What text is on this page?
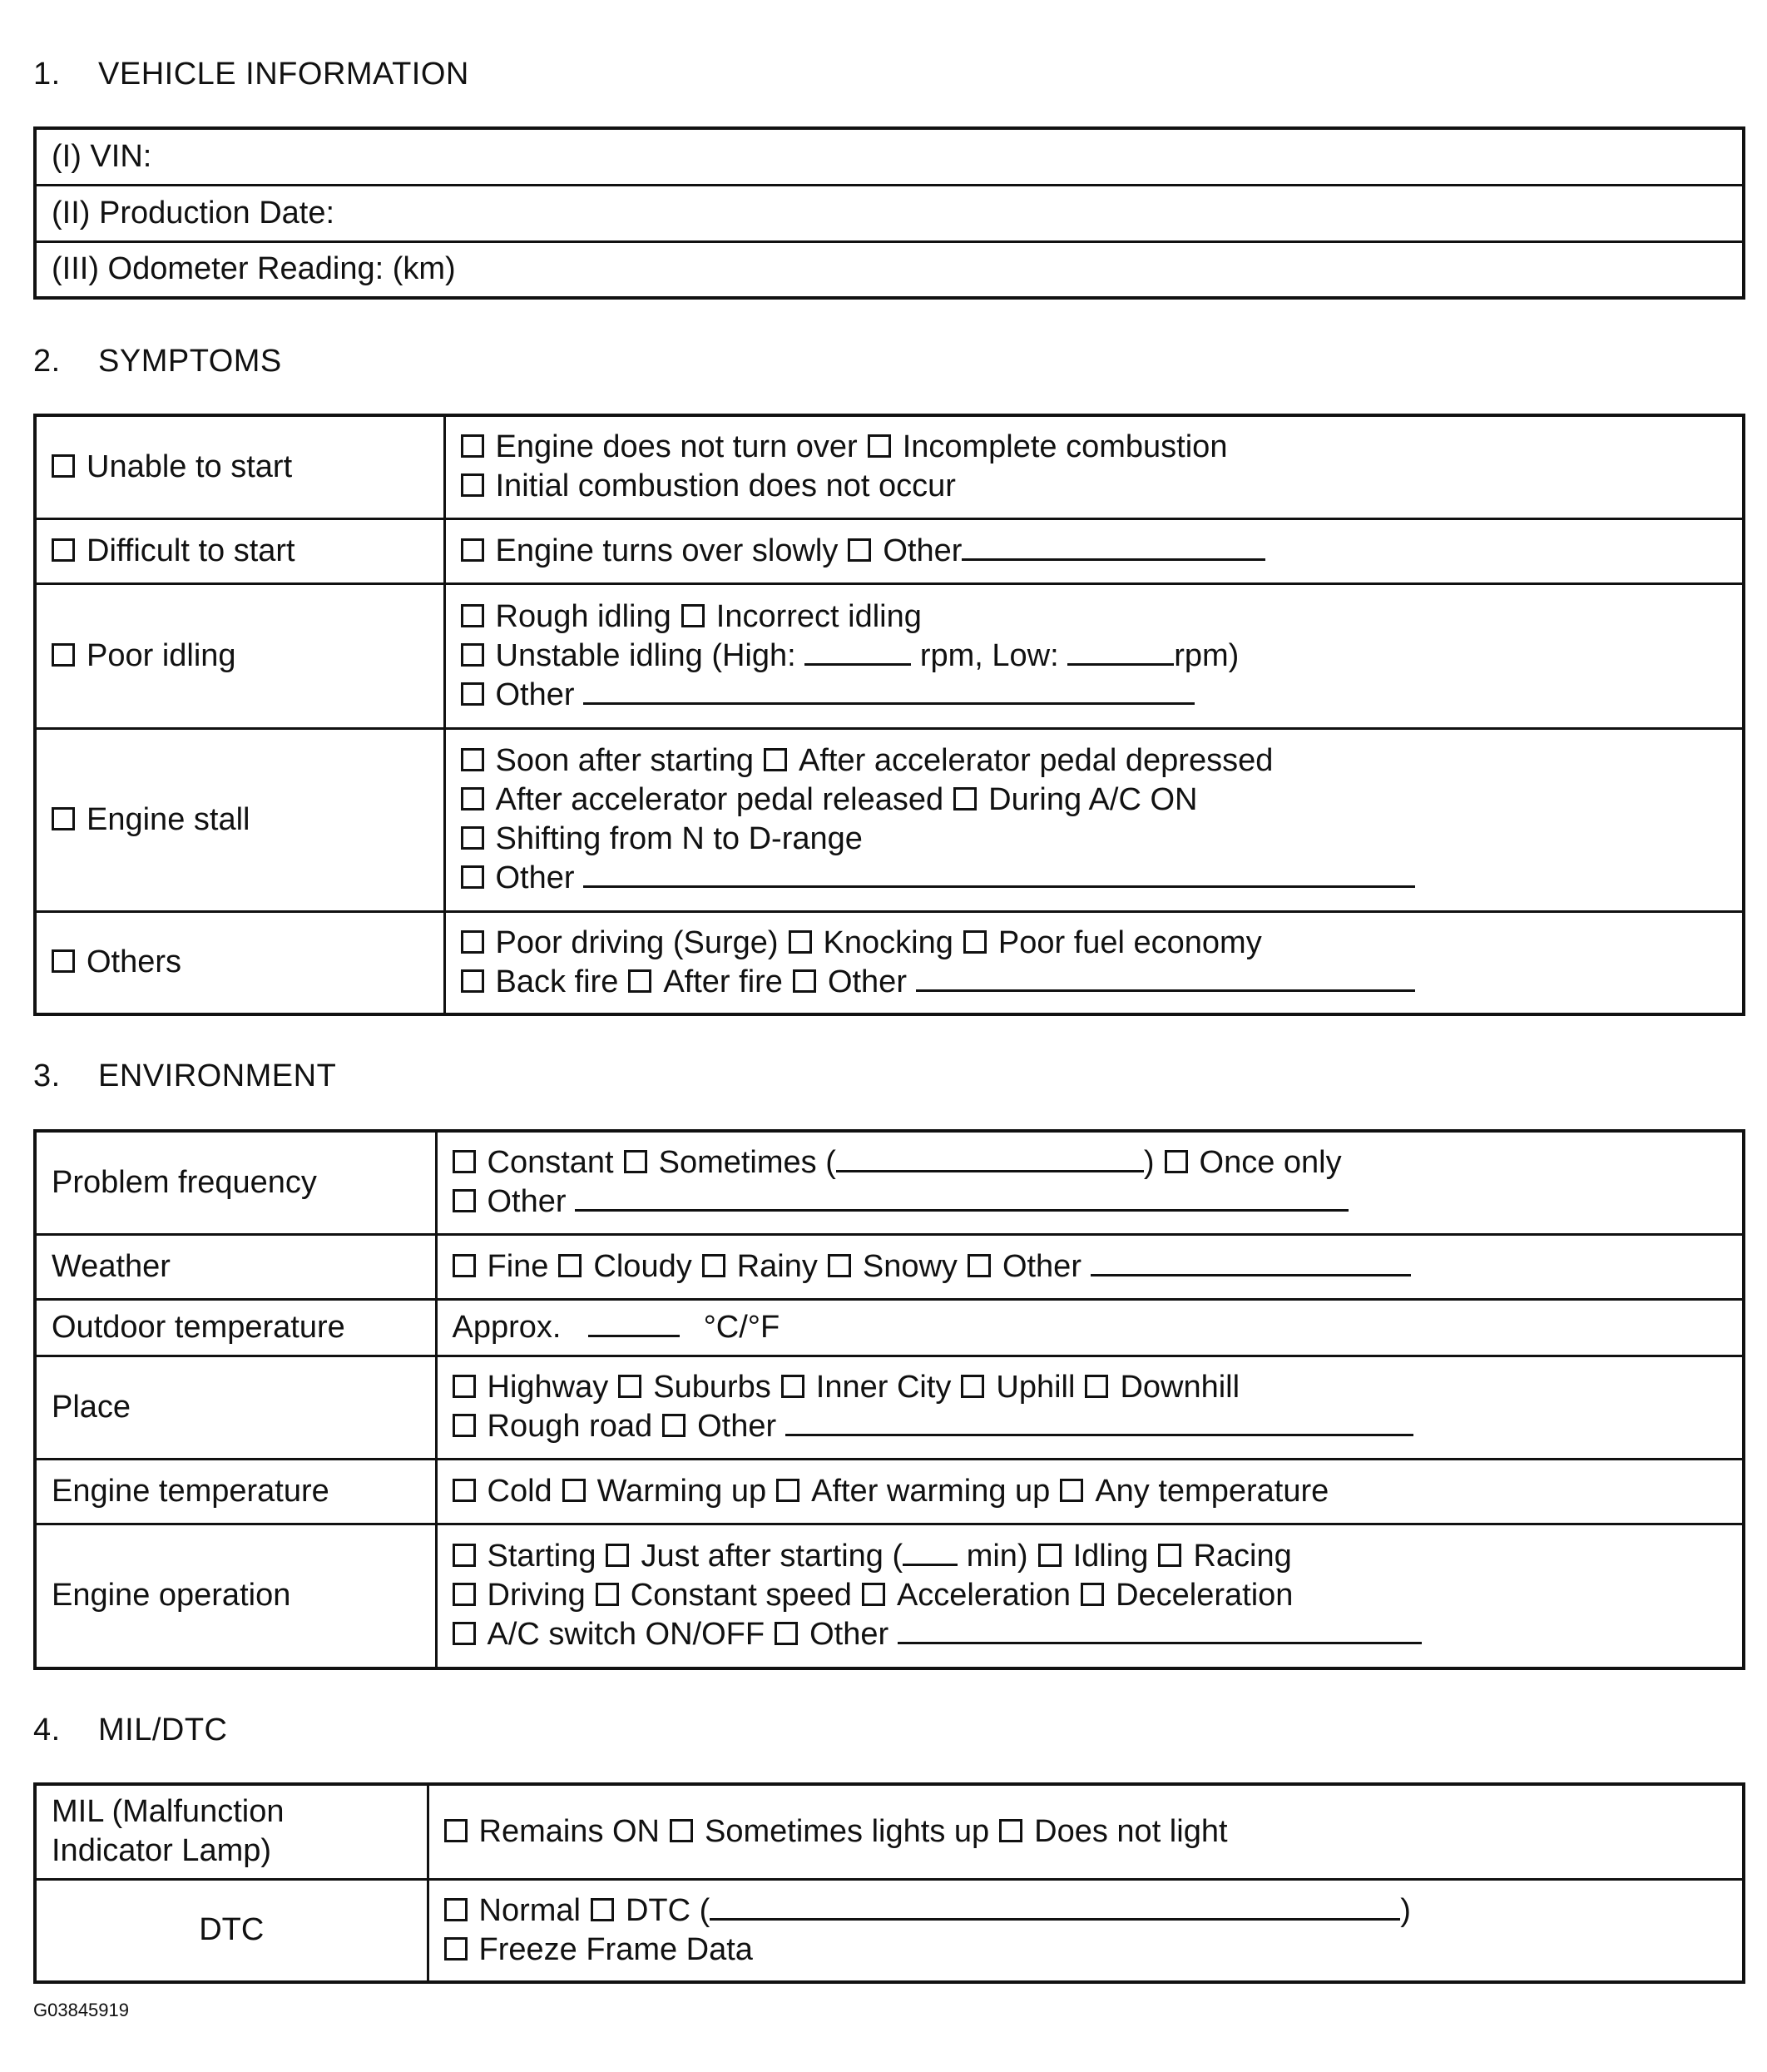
1. VEHICLE INFORMATION
(I) VIN:
(II) Production Date:
(III) Odometer Reading: (km)
2. SYMPTOMS
Unable to start	Engine does not turn over Incomplete combustion
Initial combustion does not occur

Difficult to start	Engine turns over slowly Other

Poor idling	Rough idling Incorrect idling
Unstable idling (High: rpm, Low: rpm)
Other

Engine stall	Soon after starting After accelerator pedal depressed
After accelerator pedal released During A/C ON
Shifting from N to D-range
Other

Others	Poor driving (Surge) Knocking Poor fuel economy
Back fire After fire Other
3. ENVIRONMENT
Problem frequency	Constant Sometimes ( ) Once only
Other

Weather	Fine Cloudy Rainy Snowy Other

Outdoor temperature	Approx. °C/°F

Place	Highway Suburbs Inner City Uphill Downhill
Rough road Other

Engine temperature	Cold Warming up After warming up Any temperature

Engine operation	Starting Just after starting ( min) Idling Racing
Driving Constant speed Acceleration Deceleration
A/C switch ON/OFF Other
4. MIL/DTC
MIL (Malfunction
Indicator Lamp)	Remains ON Sometimes lights up Does not light

DTC	Normal DTC ( )
Freeze Frame Data
G03845919
